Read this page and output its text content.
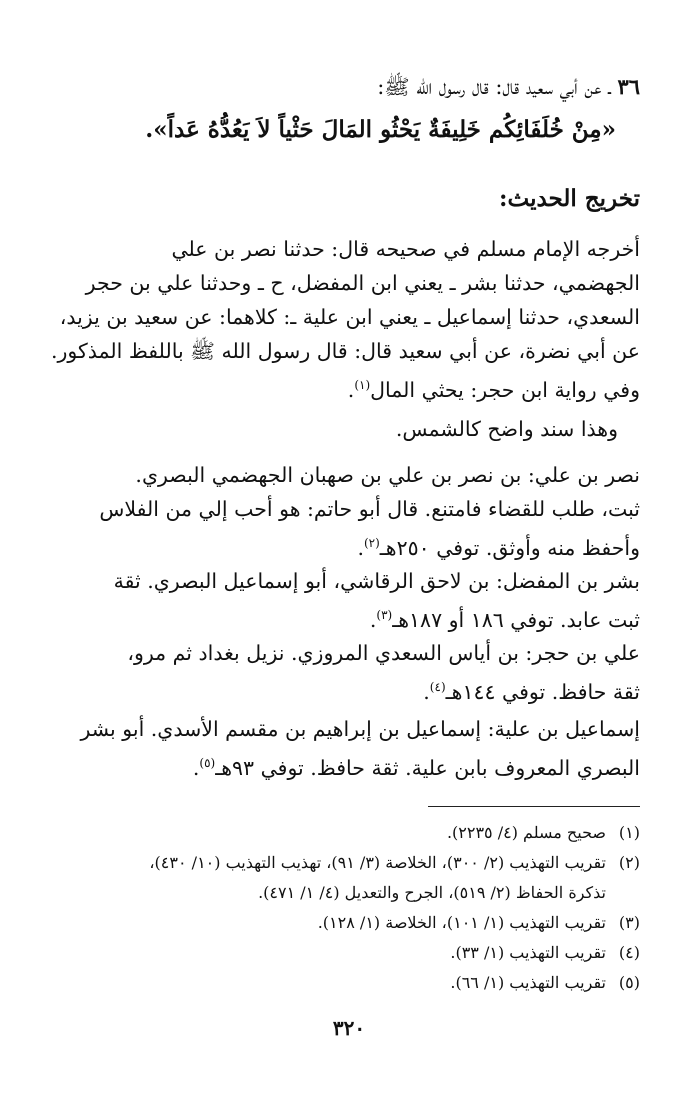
٣٦ ـ عن أبي سعيد قال: قال رسول الله ﷺ:
«مِنْ خُلَفَائِكُم خَلِيفَةٌ يَحْثُو المَالَ حَثْياً لاَ يَعُدُّهُ عَداً».
تخريج الحديث:
أخرجه الإمام مسلم في صحيحه قال: حدثنا نصر بن علي
الجهضمي، حدثنا بشر ـ يعني ابن المفضل، ح ـ وحدثنا علي بن حجر
السعدي، حدثنا إسماعيل ـ يعني ابن علية ـ: كلاهما: عن سعيد بن يزيد،
عن أبي نضرة، عن أبي سعيد قال: قال رسول الله ﷺ باللفظ المذكور.
وفي رواية ابن حجر: يحثي المال$^{(١)}$.
وهذا سند واضح كالشمس.
نصر بن علي: بن نصر بن علي بن صهبان الجهضمي البصري.
ثبت، طلب للقضاء فامتنع. قال أبو حاتم: هو أحب إلي من الفلاس
وأحفظ منه وأوثق. توفي ٢٥٠هـ$^{(٢)}$.
بشر بن المفضل: بن لاحق الرقاشي، أبو إسماعيل البصري. ثقة
ثبت عابد. توفي ١٨٦ أو ١٨٧هـ$^{(٣)}$.
علي بن حجر: بن أياس السعدي المروزي. نزيل بغداد ثم مرو،
ثقة حافظ. توفي ١٤٤هـ$^{(٤)}$.
إسماعيل بن علية: إسماعيل بن إبراهيم بن مقسم الأسدي. أبو بشر
البصري المعروف بابن علية. ثقة حافظ. توفي ٩٣هـ$^{(٥)}$.
(١)
صحيح مسلم (٤/ ٢٢٣٥).
(٢)
تقريب التهذيب (٢/ ٣٠٠)، الخلاصة (٣/ ٩١)، تهذيب التهذيب (١٠/ ٤٣٠)،
تذكرة الحفاظ (٢/ ٥١٩)، الجرح والتعديل (٤/ ١/ ٤٧١).
(٣)
تقريب التهذيب (١/ ١٠١)، الخلاصة (١/ ١٢٨).
(٤)
تقريب التهذيب (١/ ٣٣).
(٥)
تقريب التهذيب (١/ ٦٦).
٣٢٠
